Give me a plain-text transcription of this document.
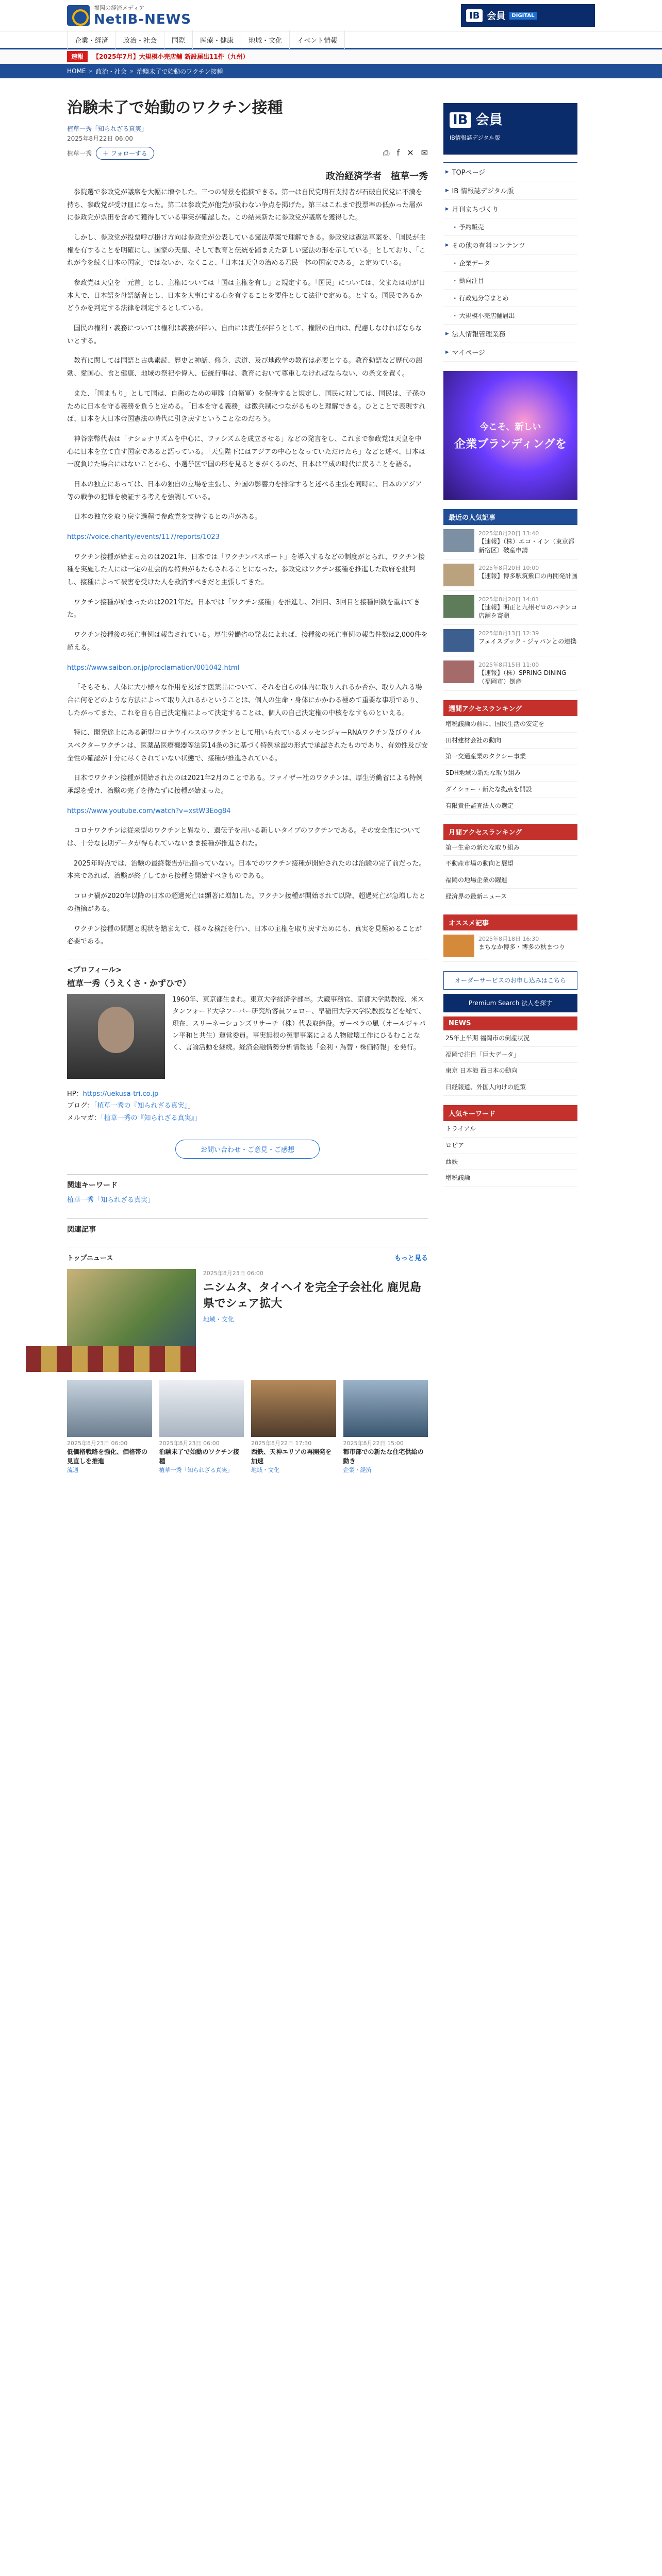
福岡の経済メディア
NetIB-NEWS	IB 会員	DIGITAL
企業・経済	政治・社会	国際	医療・健康	地域・文化	イベント情報
速報	【2025年7月】大規模小売店舗 新設届出11件（九州）
HOME » 政治・社会 » 治験未了で始動のワクチン接種
治験未了で始動のワクチン接種
植草一秀「知られざる真実」
2025年8月22日 06:00
植草一秀	＋ フォローする	⎙ f ✕ ✉
政治経済学者　植草一秀

参院選で参政党が議席を大幅に増やした。三つの背景を指摘できる。第一は自民党明石支持者が石破自民党に不満を持ち、参政党が受け皿になった。第二は参政党が他党が扱わない争点を掲げた。第三はこれまで投票率の低かった層がに参政党が票田を含めて獲得している事実が確認した。この結果新たに参政党が議席を獲得した。

しかし、参政党が投票呼び掛け方向は参政党が公表している憲法草案で理解できる。参政党は憲法草案を、「国民が主権を有することを明確にし、国家の天皇、そして教育と伝統を踏まえた新しい憲法の形を示している」としており、「これが今を続く日本の国家」ではないか、なくこと、「日本は天皇の治める君民一体の国家である」と定めている。

参政党は天皇を「元首」とし、主権については「国は主権を有し」と規定する。「国民」については、父または母が日本人で、日本語を母語話者とし、日本を大事にする心を有することを要件として法律で定める。とする。国民であるかどうかを判定する法律を制定するとしている。

国民の権利・義務については権利は義務が伴い、自由には責任が伴うとして、権限の自由は、配慮しなければならないとする。

教育に関しては国語と古典素読、歴史と神話、修身、武道、及び地政学の教育は必要とする。教育勅語など歴代の詔勅、愛国心、食と健康、地域の祭祀や偉人、伝統行事は、教育において尊重しなければならない、の条文を置く。

また、「国まもり」として国は、自衛のための軍隊（自衛軍）を保持すると規定し、国民に対しては、国民は、子孫のために日本を守る義務を負うと定める。「日本を守る義務」は徴兵制につながるものと理解できる。ひとことで表現すれば、日本を大日本帝国憲法の時代に引き戻すということなのだろう。

神谷宗幣代表は「ナショナリズムを中心に、ファシズムを成立させる」などの発言をし、これまで参政党は天皇を中心に日本を立て直す国家であると語っている。「天皇陛下にはアジアの中心となっていただけたら」などと述べ、日本は一度負けた場合にはないことから、小選挙区で国の形を見るときがくるのだ、日本は平成の時代に戻ることを語る。

日本の独立にあっては、日本の独自の立場を主張し、外国の影響力を排除すると述べる主張を同時に、日本のアジア等の戦争の犯罪を検証する考えを強調している。

日本の独立を取り戻す過程で参政党を支持するとの声がある。

https://voice.charity/events/117/reports/1023

ワクチン接種が始まったのは2021年、日本では「ワクチンパスポート」を導入するなどの制度がとられ、ワクチン接種を実施した人には一定の社会的な特典がもたらされることになった。参政党はワクチン接種を推進した政府を批判し、接種によって被害を受けた人を救済すべきだと主張してきた。

ワクチン接種が始まったのは2021年だ。日本では「ワクチン接種」を推進し、2回目、3回目と接種回数を重ねてきた。

ワクチン接種後の死亡事例は報告されている。厚生労働省の発表によれば、接種後の死亡事例の報告件数は2,000件を超える。

https://www.saibon.or.jp/proclamation/001042.html

「そもそも、人体に大小様々な作用を及ぼす医薬品について、それを自らの体内に取り入れるか否か、取り入れる場合に何をどのような方法によって取り入れるかということは、個人の生命・身体にかかわる極めて重要な事項であり、したがってまた、これを自ら自己決定権によって決定することは、個人の自己決定権の中核をなすものといえる。

特に、開発途上にある新型コロナウイルスのワクチンとして用いられているメッセンジャーRNAワクチン及びウイルスベクターワクチンは、医薬品医療機器等法第14条の3に基づく特例承認の形式で承認されたものであり、有効性及び安全性の確認が十分に尽くされていない状態で、接種が推進されている。

日本でワクチン接種が開始されたのは2021年2月のことである。ファイザー社のワクチンは、厚生労働省による特例承認を受け、治験の完了を待たずに接種が始まった。

https://www.youtube.com/watch?v=xstW3Eog84

コロナワクチンは従来型のワクチンと異なり、遺伝子を用いる新しいタイプのワクチンである。その安全性については、十分な長期データが得られていないまま接種が推進された。

2025年時点では、治験の最終報告が出揃っていない。日本でのワクチン接種が開始されたのは治験の完了前だった。本来であれば、治験が終了してから接種を開始すべきものである。

コロナ禍が2020年以降の日本の超過死亡は顕著に増加した。ワクチン接種が開始されて以降、超過死亡が急増したとの指摘がある。

ワクチン接種の問題と現状を踏まえて、様々な検証を行い、日本の主権を取り戻すためにも、真実を見極めることが必要である。

<プロフィール>
植草一秀（うえくさ・かずひで）
1960年、東京都生まれ。東京大学経済学部卒。大蔵事務官、京都大学助教授、米スタンフォード大学フーバー研究所客員フェロー、早稲田大学大学院教授などを経て、現在、スリーネーションズリサーチ（株）代表取締役。ガーベラの風（オールジャパン平和と共生）運営委員。事実無根の冤罪事案による人物破壊工作にひるむことなく、言論活動を継続。経済金融情勢分析情報誌「金利・為替・株価特報」を発行。
HP：https://uekusa-tri.co.jp
ブログ：「植草一秀の『知られざる真実』」
メルマガ：「植草一秀の『知られざる真実』」
お問い合わせ・ご意見・ご感想
関連キーワード
植草一秀「知られざる真実」
関連記事
トップニュース	もっと見る
2025年8月23日 06:00
ニシムタ、タイヘイを完全子会社化 鹿児島県でシェア拡大
地域・文化
2025年8月23日 06:00
低価格戦略を強化、価格帯の見直しを推進
流通
2025年8月23日 06:00
治験未了で始動のワクチン接種
植草一秀「知られざる真実」
2025年8月22日 17:30
西鉄、天神エリアの再開発を加速
地域・文化
2025年8月22日 15:00
都市部での新たな住宅供給の動き
企業・経済
IB 会員
IB情報誌デジタル版
▸ TOPページ
▸ IB 情報誌デジタル版
▸ 月刊まちづくり
· 予約販売
▸ その他の有料コンテンツ
· 企業データ
· 動向注目
· 行政処分等まとめ
· 大規模小売店舗届出
▸ 法人情報管理業務
▸ マイページ
今こそ、新しい
企業ブランディングを
最近の人気記事
2025年8月20日 13:40
【速報】（株）エコ・イン（東京都新宿区）破産申請
2025年8月20日 10:00
【速報】博多駅筑紫口の再開発計画
2025年8月20日 14:01
【速報】明正と九州ゼロのパチンコ店舗を寄贈
2025年8月13日 12:39
フェイスブック・ジャパンとの連携
2025年8月15日 11:00
【速報】（株）SPRING DINING（福岡市）倒産
週間アクセスランキング
増税議論の前に、国民生活の安定を
田村建材会社の動向
第一交通産業のタクシー事業
SDH地域の新たな取り組み
ダイショー・新たな拠点を開設
有限責任監査法人の選定
月間アクセスランキング
第一生命の新たな取り組み
不動産市場の動向と展望
福岡の地場企業の躍進
経済界の最新ニュース
オススメ記事
2025年8月18日 16:30
まちなか博多・博多の秋まつり
オーダーサービスのお申し込みはこちら
Premium Search 法人を探す
NEWS
25年上半期 福岡市の倒産状況
福岡で注目「巨大データ」
東京 日本海 西日本の動向
日経報道、外国人向けの施策
人気キーワード
トライアル
ロピア
西鉄
増税議論
